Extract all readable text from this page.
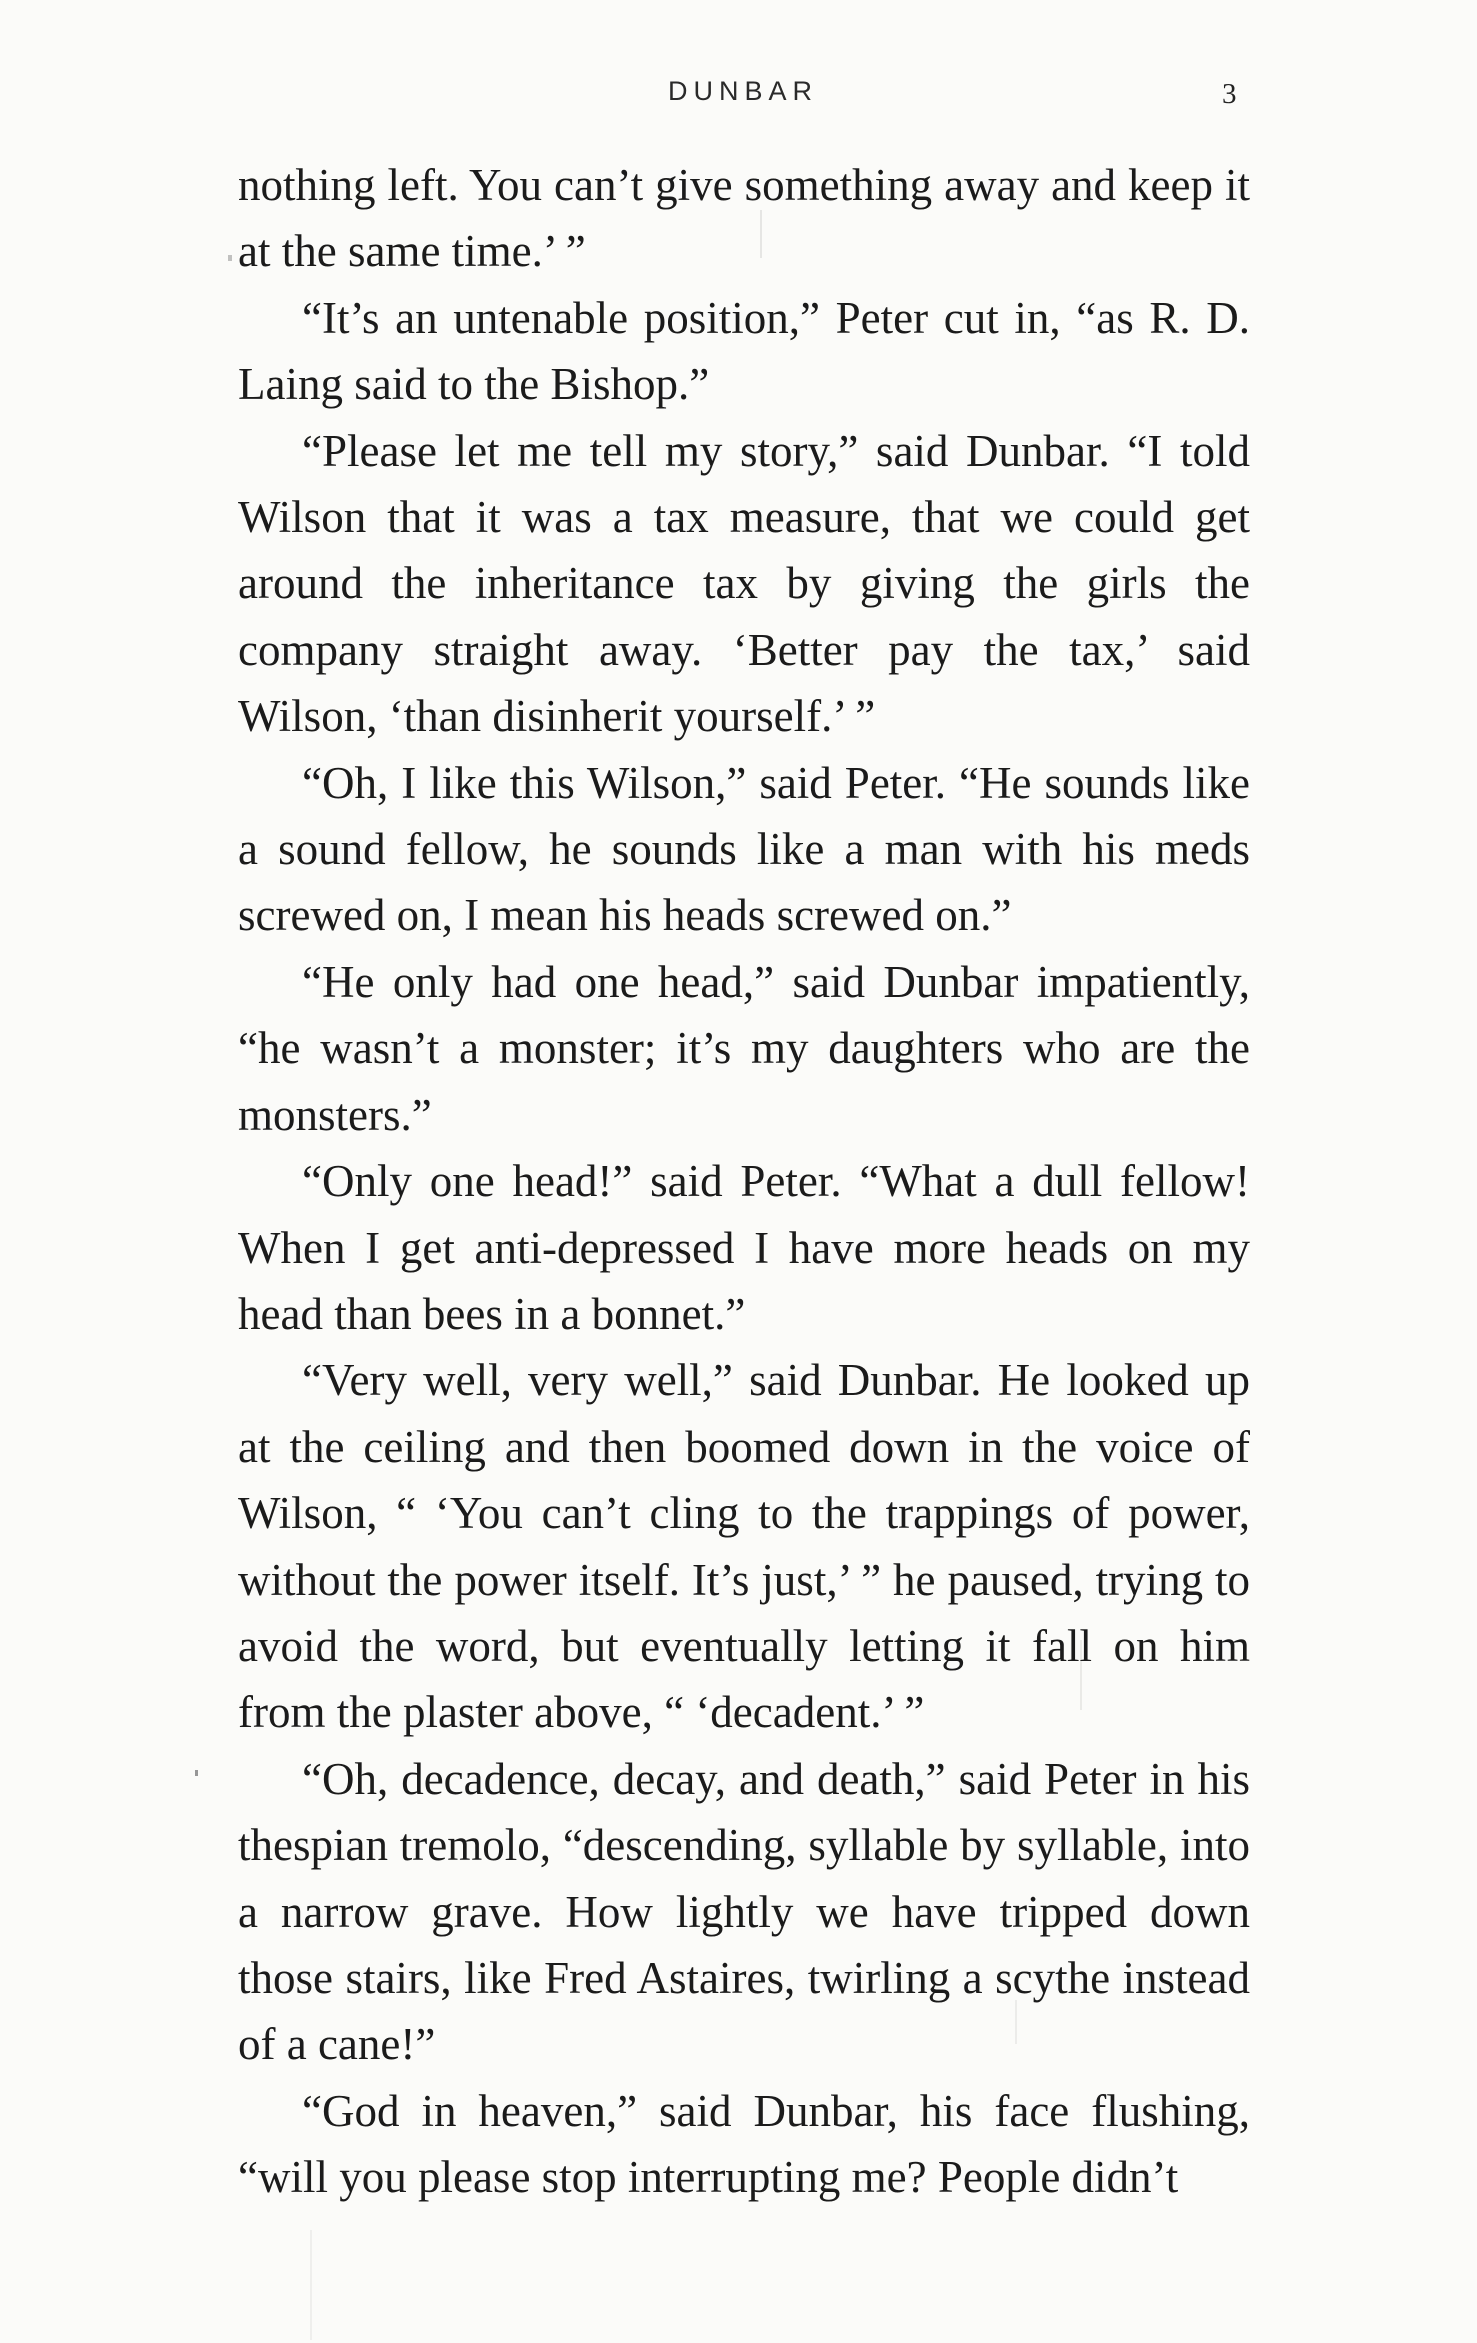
DUNBAR	3

nothing left. You can’t give something away and keep it at the same time.’ ”

“It’s an untenable position,” Peter cut in, “as R. D. Laing said to the Bishop.”

“Please let me tell my story,” said Dunbar. “I told Wilson that it was a tax measure, that we could get around the inheritance tax by giving the girls the company straight away. ‘Better pay the tax,’ said Wilson, ‘than disinherit yourself.’ ”

“Oh, I like this Wilson,” said Peter. “He sounds like a sound fellow, he sounds like a man with his meds screwed on, I mean his heads screwed on.”

“He only had one head,” said Dunbar impatiently, “he wasn’t a monster; it’s my daughters who are the monsters.”

“Only one head!” said Peter. “What a dull fellow! When I get anti-depressed I have more heads on my head than bees in a bonnet.”

“Very well, very well,” said Dunbar. He looked up at the ceiling and then boomed down in the voice of Wilson, “ ‘You can’t cling to the trappings of power, without the power itself. It’s just,’ ” he paused, trying to avoid the word, but eventually letting it fall on him from the plaster above, “ ‘decadent.’ ”

“Oh, decadence, decay, and death,” said Peter in his thespian tremolo, “descending, syllable by syllable, into a narrow grave. How lightly we have tripped down those stairs, like Fred Astaires, twirling a scythe instead of a cane!”

“God in heaven,” said Dunbar, his face flushing, “will you please stop interrupting me? People didn’t
